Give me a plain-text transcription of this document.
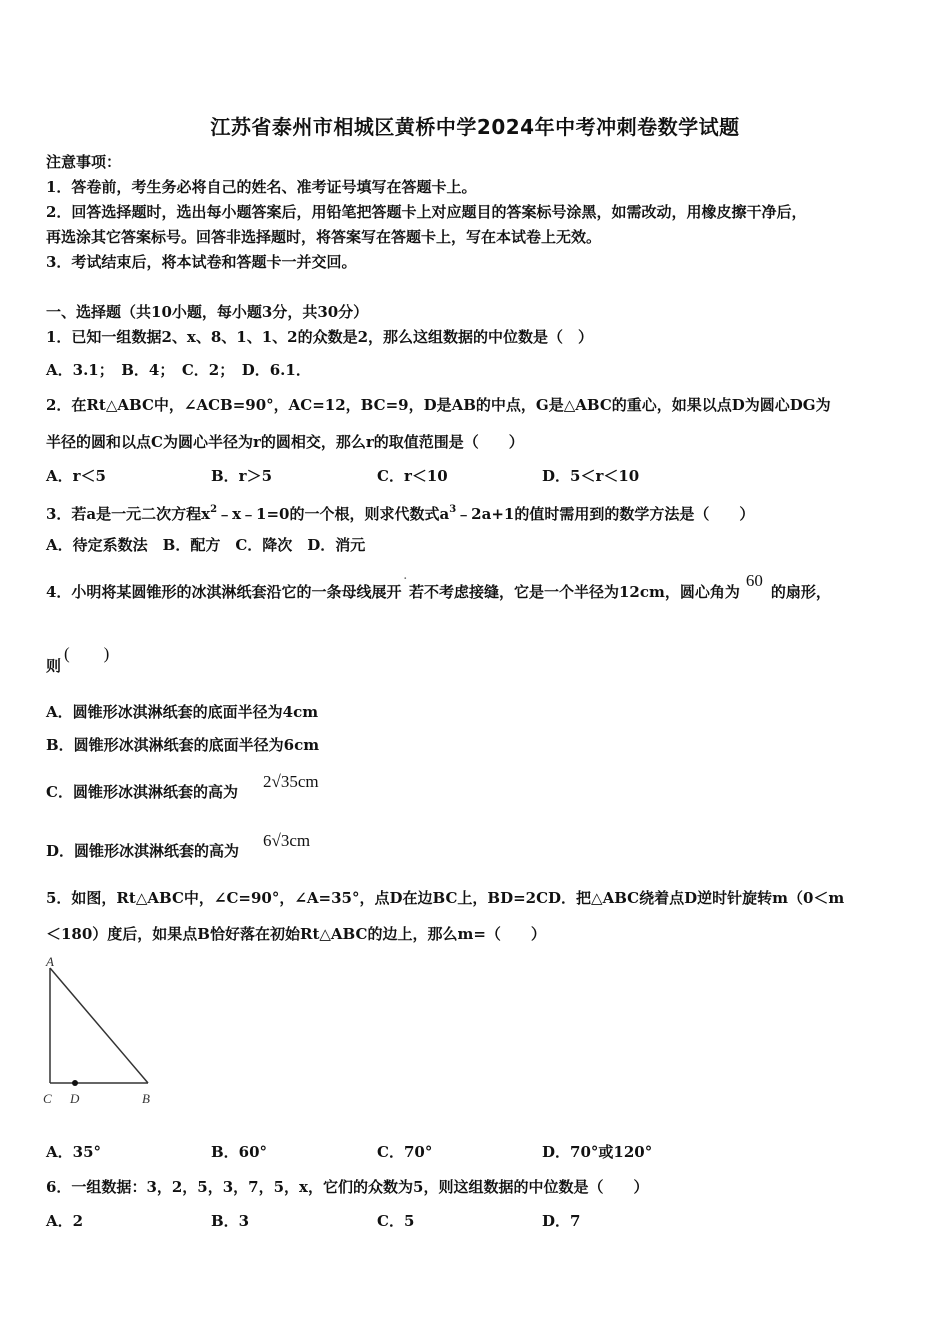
江苏省泰州市相城区黄桥中学2024年中考冲刺卷数学试题
注意事项：
1．答卷前，考生务必将自己的姓名、准考证号填写在答题卡上。
2．回答选择题时，选出每小题答案后，用铅笔把答题卡上对应题目的答案标号涂黑，如需改动，用橡皮擦干净后，
再选涂其它答案标号。回答非选择题时，将答案写在答题卡上，写在本试卷上无效。
3．考试结束后，将本试卷和答题卡一并交回。
一、选择题（共10小题，每小题3分，共30分）
1．已知一组数据2、x、8、1、1、2的众数是2，那么这组数据的中位数是（　）
A．3.1；　B．4；　C．2；　D．6.1．
2．在Rt△ABC中，∠ACB=90°，AC=12，BC=9，D是AB的中点，G是△ABC的重心，如果以点D为圆心DG为
半径的圆和以点C为圆心半径为r的圆相交，那么r的取值范围是（　　）
A．r＜5	B．r＞5	C．r＜10	D．5＜r＜10
3．若a是一元二次方程$x^2﹣x﹣1=0$的一个根，则求代数式$a^3﹣2a+1$的值时需用到的数学方法是（　　）
A．待定系数法　B．配方　C．降次　D．消元
4．小明将某圆锥形的冰淇淋纸套沿它的一条母线展开˙若不考虑接缝，它是一个半径为12cm，圆心角为60的扇形，
则
(　　)
A．圆锥形冰淇淋纸套的底面半径为4cm
B．圆锥形冰淇淋纸套的底面半径为6cm
C．圆锥形冰淇淋纸套的高为
2√35cm
D．圆锥形冰淇淋纸套的高为
6√3cm
5．如图，Rt△ABC中，∠C=90°，∠A=35°，点D在边BC上，BD=2CD．把△ABC绕着点D逆时针旋转m（0＜m
＜180）度后，如果点B恰好落在初始Rt△ABC的边上，那么m=（　　）
A
C D	B
A．35°	B．60°	C．70°	D．70°或120°
6．一组数据：3，2，5，3，7，5，x，它们的众数为5，则这组数据的中位数是（　　）
A．2	B．3	C．5	D．7
